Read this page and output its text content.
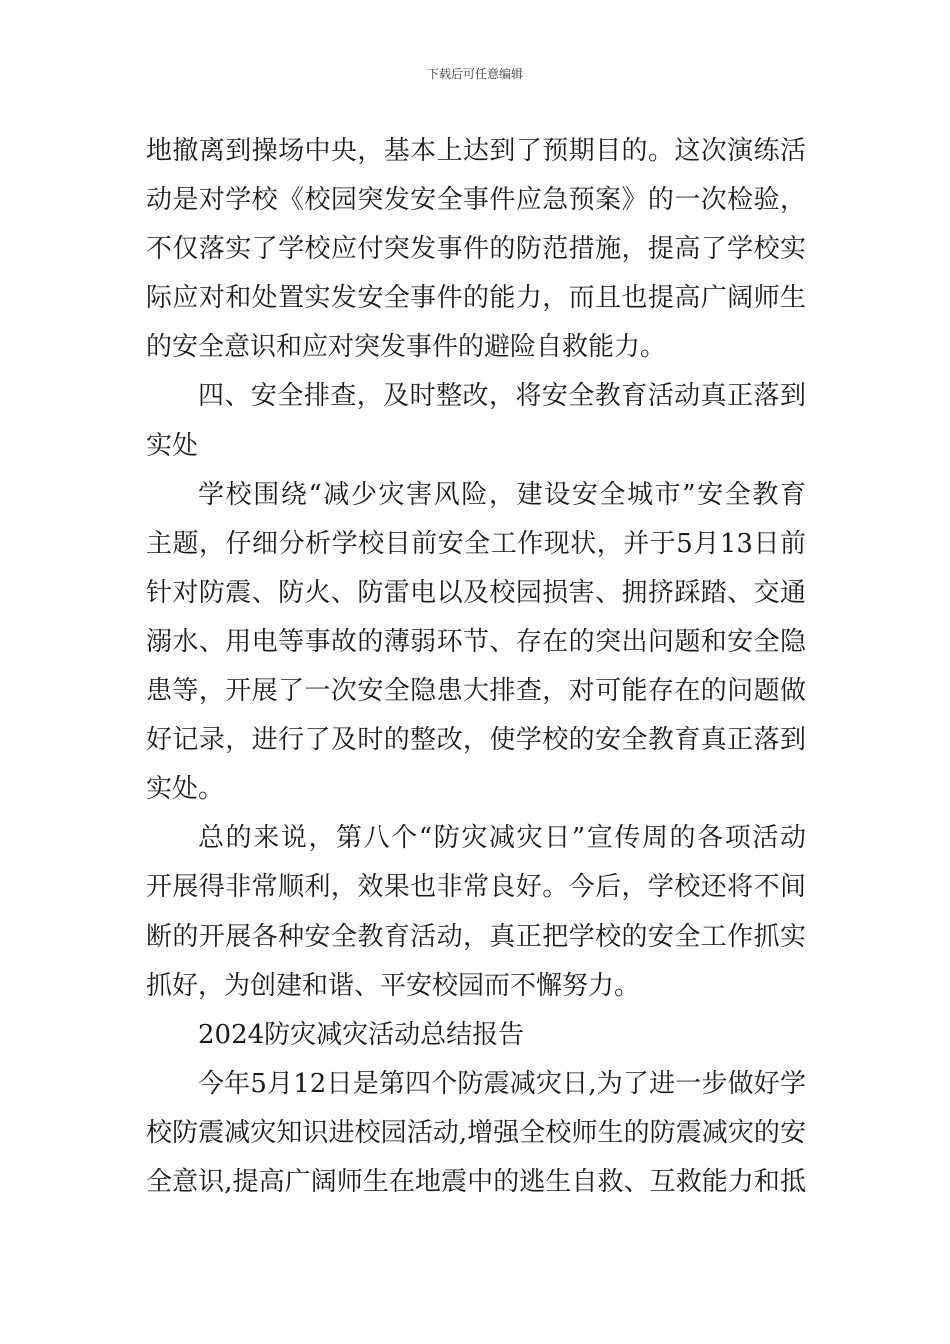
下载后可任意编辑
地撤离到操场中央，基本上达到了预期目的。这次演练活
动是对学校《校园突发安全事件应急预案》的一次检验，
不仅落实了学校应付突发事件的防范措施，提高了学校实
际应对和处置实发安全事件的能力，而且也提高广阔师生
的安全意识和应对突发事件的避险自救能力。
四、安全排查，及时整改，将安全教育活动真正落到
实处
学校围绕“减少灾害风险，建设安全城市”安全教育
主题，仔细分析学校目前安全工作现状，并于5月13日前
针对防震、防火、防雷电以及校园损害、拥挤踩踏、交通
溺水、用电等事故的薄弱环节、存在的突出问题和安全隐
患等，开展了一次安全隐患大排查，对可能存在的问题做
好记录，进行了及时的整改，使学校的安全教育真正落到
实处。
总的来说，第八个“防灾减灾日”宣传周的各项活动
开展得非常顺利，效果也非常良好。今后，学校还将不间
断的开展各种安全教育活动，真正把学校的安全工作抓实
抓好，为创建和谐、平安校园而不懈努力。
2024防灾减灾活动总结报告
今年5月12日是第四个防震减灾日,为了进一步做好学
校防震减灾知识进校园活动,增强全校师生的防震减灾的安
全意识,提高广阔师生在地震中的逃生自救、互救能力和抵
